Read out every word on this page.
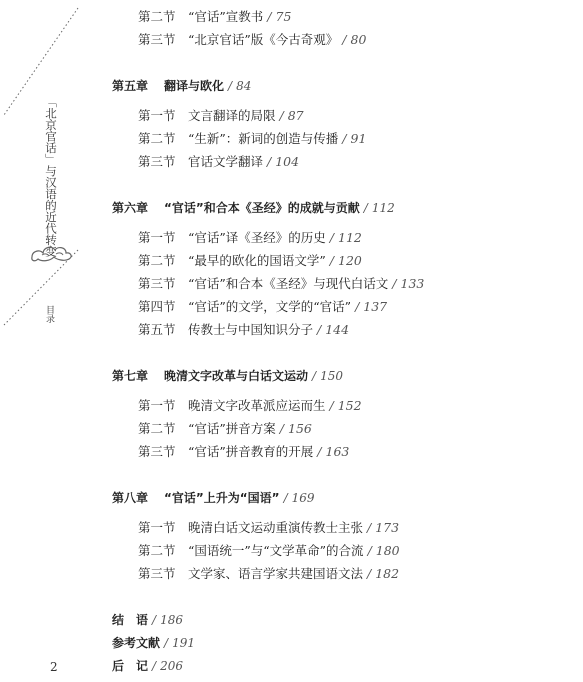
「北京官话」与汉语的近代转变
目录
2
第二节 “官话”宣教书 / 75
第三节 “北京官话”版《今古奇观》 / 80
第五章 翻译与欧化 / 84
第一节 文言翻译的局限 / 87
第二节 “生新”：新词的创造与传播 / 91
第三节 官话文学翻译 / 104
第六章 “官话”和合本《圣经》的成就与贡献 / 112
第一节 “官话”译《圣经》的历史 / 112
第二节 “最早的欧化的国语文学” / 120
第三节 “官话”和合本《圣经》与现代白话文 / 133
第四节 “官话”的文学，文学的“官话” / 137
第五节 传教士与中国知识分子 / 144
第七章 晚清文字改革与白话文运动 / 150
第一节 晚清文字改革派应运而生 / 152
第二节 “官话”拼音方案 / 156
第三节 “官话”拼音教育的开展 / 163
第八章 “官话”上升为“国语” / 169
第一节 晚清白话文运动重演传教士主张 / 173
第二节 “国语统一”与“文学革命”的合流 / 180
第三节 文学家、语言学家共建国语文法 / 182
结　语 / 186
参考文献 / 191
后　记 / 206
